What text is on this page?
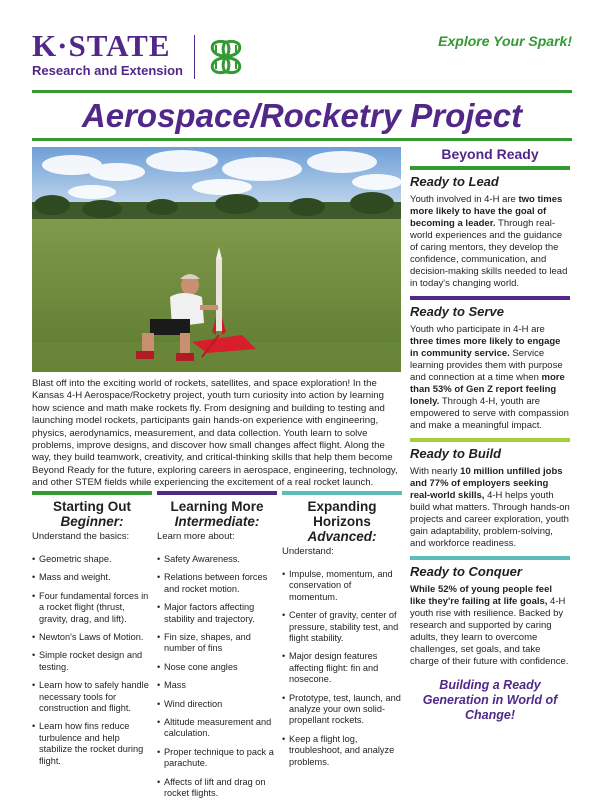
K·STATE
Research and Extension
Explore Your Spark!
Aerospace/Rocketry Project

Blast off into the exciting world of rockets, satellites, and space exploration! In the Kansas 4-H Aerospace/Rocketry project, youth turn curiosity into action by learning how science and math make rockets fly. From designing and building to testing and launching model rockets, participants gain hands-on experience with engineering, physics, aerodynamics, measurement, and data collection. Youth learn to solve problems, improve designs, and discover how small changes affect flight. Along the way, they build teamwork, creativity, and critical-thinking skills that help them become Beyond Ready for the future, exploring careers in aerospace, engineering, technology, and other STEM fields while experiencing the excitement of a real rocket launch.

Starting Out
Beginner:
Understand the basics:
• Geometric shape.
• Mass and weight.
• Four fundamental forces in a rocket flight (thrust, gravity, drag, and lift).
• Newton's Laws of Motion.
• Simple rocket design and testing.
• Learn how to safely handle necessary tools for construction and flight.
• Learn how fins reduce turbulence and help stabilize the rocket during flight.
Learning More
Intermediate:
Learn more about:
• Safety Awareness.
• Relations between forces and rocket motion.
• Major factors affecting stability and trajectory.
• Fin size, shapes, and number of fins
• Nose cone angles
• Mass
• Wind direction
• Altitude measurement and calculation.
• Proper technique to pack a parachute.
• Affects of lift and drag on rocket flights.
Expanding Horizons
Advanced:
Understand:
• Impulse, momentum, and conservation of momentum.
• Center of gravity, center of pressure, stability test, and flight stability.
• Major design features affecting flight: fin and nosecone.
• Prototype, test, launch, and analyze your own solid-propellant rockets.
• Keep a flight log, troubleshoot, and analyze problems.
Beyond Ready
Ready to Lead

Youth involved in 4-H are two times more likely to have the goal of becoming a leader. Through real-world experiences and the guidance of caring mentors, they develop the confidence, communication, and decision-making skills needed to lead in today's changing world.

Ready to Serve

Youth who participate in 4-H are three times more likely to engage in community service. Service learning provides them with purpose and connection at a time when more than 53% of Gen Z report feeling lonely. Through 4-H, youth are empowered to serve with compassion and make a meaningful impact.

Ready to Build

With nearly 10 million unfilled jobs and 77% of employers seeking real-world skills, 4-H helps youth build what matters. Through hands-on projects and career exploration, youth gain adaptability, problem-solving, and workforce readiness.

Ready to Conquer

While 52% of young people feel like they're failing at life goals, 4-H youth rise with resilience. Backed by research and supported by caring adults, they learn to overcome challenges, set goals, and take charge of their future with confidence.

Building a Ready Generation in World of Change!
